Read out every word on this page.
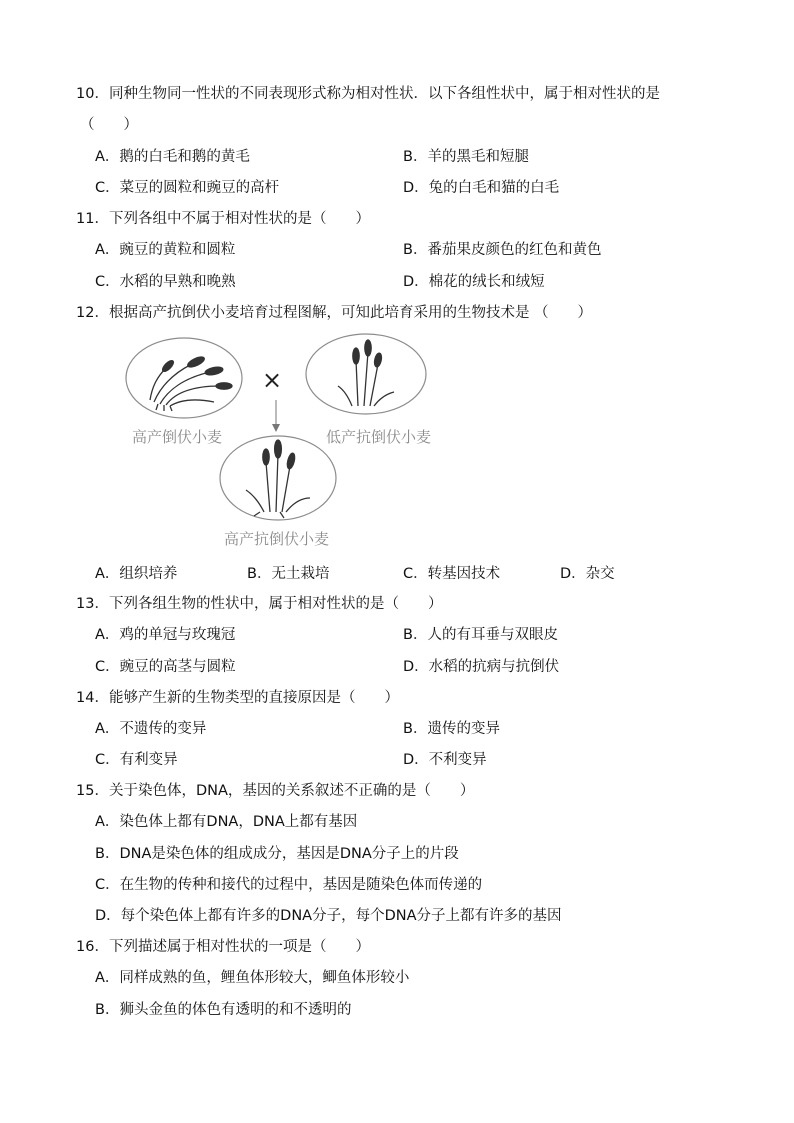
10．同种生物同一性状的不同表现形式称为相对性状．以下各组性状中，属于相对性状的是
（　　）
A．鹅的白毛和鹅的黄毛	B．羊的黑毛和短腿
C．菜豆的圆粒和豌豆的高杆	D．兔的白毛和猫的白毛
11．下列各组中不属于相对性状的是（　　）
A．豌豆的黄粒和圆粒	B．番茄果皮颜色的红色和黄色
C．水稻的早熟和晚熟	D．棉花的绒长和绒短
12．根据高产抗倒伏小麦培育过程图解，可知此培育采用的生物技术是 （　　）
×
高产倒伏小麦	低产抗倒伏小麦
高产抗倒伏小麦
A．组织培养	B．无土栽培	C．转基因技术	D．杂交
13．下列各组生物的性状中，属于相对性状的是（　　）
A．鸡的单冠与玫瑰冠	B．人的有耳垂与双眼皮
C．豌豆的高茎与圆粒	D．水稻的抗病与抗倒伏
14．能够产生新的生物类型的直接原因是（　　）
A．不遗传的变异	B．遗传的变异
C．有利变异	D．不利变异
15．关于染色体，DNA，基因的关系叙述不正确的是（　　）
A．染色体上都有DNA，DNA上都有基因
B．DNA是染色体的组成成分，基因是DNA分子上的片段
C．在生物的传种和接代的过程中，基因是随染色体而传递的
D．每个染色体上都有许多的DNA分子，每个DNA分子上都有许多的基因
16．下列描述属于相对性状的一项是（　　）
A．同样成熟的鱼，鲤鱼体形较大，鲫鱼体形较小
B．狮头金鱼的体色有透明的和不透明的
